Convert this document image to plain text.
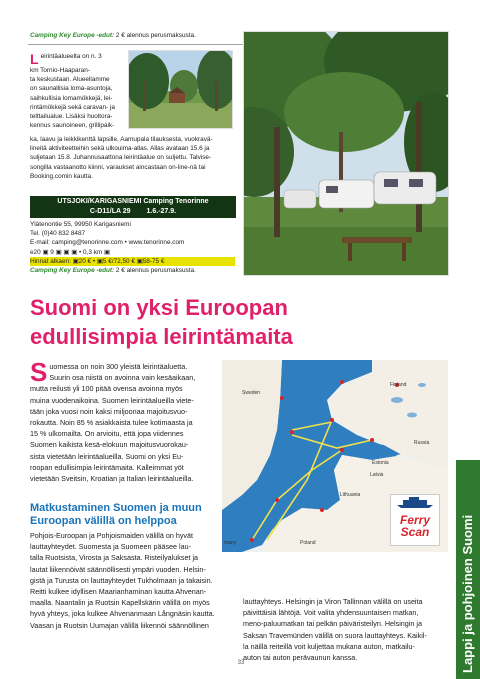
Camping Key Europe -edut: 2 € alennus perusmaksusta.
L eirintäalueelta on n. 3
km Tornio-Haaparan-
ta keskustaan. Alueellamme
on saunallisia loma-asuntoja,
saihkullisia lomamökkejä, lei-
rintämökkejä sekä caravan- ja
telttailualue. Lisäksi huoltora-
kennus saunoineen, grillipaik-
ka, laavu ja leikkikenttä lapsille. Aamupala tilauksesta, vuokravä-
lineitä aktiviteetteihin sekä ulkouima-allas. Allas avataan 15.6 ja
suljetaan 15.8. Juhannusaattona leirintäalue on suljettu. Talvise-
songilla vastaanotto kiinni, varaukset aincastaan on-line-nä tai
Booking.comin kautta.
UTSJOKI/KARIGASNIEMI Camping Tenorinne
C-D11/LA 29 1.6.-27.9.
Ylätenontie 55, 99950 Karigasniemi
Tel. (0)40 832 8487
E-mail: camping@tenorinne.com • www.tenorinne.com
e20 ▣ 9 ▣ ▣ ▣ • 0,3 km ▣
Hinnat alkaen: ▣20 € • ▣5 €/72,50 € ▣58-75 €
Camping Key Europe -edut: 2 € alennus perusmaksusta.
Suomi on yksi Euroopan
edullisimpia leirintämaita
S uomessa on noin 300 yleistä leirintäaluetta.
Suurin osa niistä on avoinna vain kesäaikaan,
mutta reilusti yli 100 pitää ovensa avoinna myös
muina vuodenaikoina. Suomen leirintäalueilla viete-
tään joka vuosi noin kaksi miljoonaa majoitusvuo-
rokautta. Noin 85 % asiakkaista tulee kotimaasta ja
15 % ulkomailta. On arvioitu, että jopa viidennes
Suomen kaikista kesä-elokuun majoitusvuorokau-
sista vietetään leirintäalueilla. Suomi on yksi Eu-
roopan edullisimpia leirintämaita. Kalleimmat yöt
vietetään Sveitsin, Kroatian ja Italian leirintäalueilla.
Matkustaminen Suomen ja muun
Euroopan välillä on helppoa
Pohjois-Euroopan ja Pohjoismaiden välillä on hyvät
lauttayhteydet. Suomesta ja Suomeen pääsee lau-
talla Ruotsista, Virosta ja Saksasta. Risteilyalukset ja
lautat liikennöivät säännöllisesti ympäri vuoden. Helsin-
gistä ja Turusta on lauttayhteydet Tukholmaan ja takaisin.
Reitti kulkee idyllisen Maarianhaminan kautta Ahvenan-
maalla. Naantalin ja Ruotsin Kapellskärin välillä on myös
hyvä yhteys, joka kulkee Ahvenanmaan Långnäsin kautta.
Vaasan ja Ruotsin Uumajan välillä liikennöi säännöllinen
lauttayhteys. Helsingin ja Viron Tallinnan välillä on useita
päivittäisiä lähtöjä. Voit valita yhdensuuntaisen matkan,
meno-paluumatkan tai pelkän päiväristeilyn. Helsingin ja
Saksan Travemünden välillä on suora lauttayhteys. Kaikil-
la näillä reiteillä voit kuljettaa mukana auton, matkailu-
auton tai auton perävaunun kanssa.
Sweden
Finland
Estonia
Russia
Latvia
Lithuania
Poland
many
Ferry
Scan
33	Lappi ja pohjoinen Suomi
